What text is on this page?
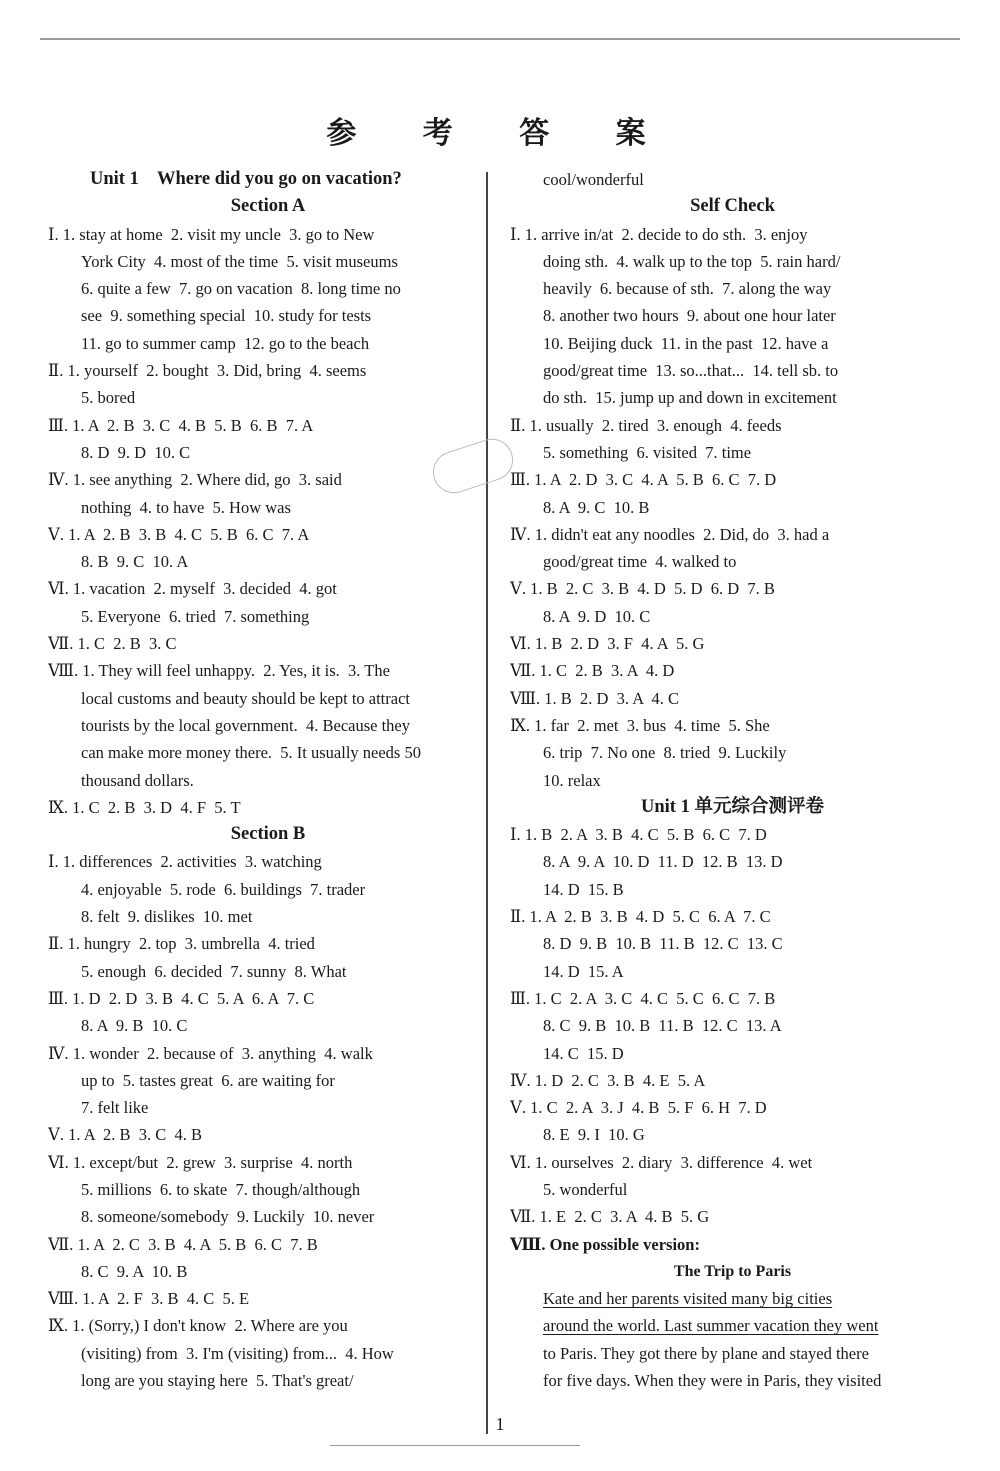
参 考 答 案
Unit 1    Where did you go on vacation?
Section A
Ⅰ. 1. stay at home  2. visit my uncle  3. go to New
York City  4. most of the time  5. visit museums
6. quite a few  7. go on vacation  8. long time no
see  9. something special  10. study for tests
11. go to summer camp  12. go to the beach
Ⅱ. 1. yourself  2. bought  3. Did, bring  4. seems
5. bored
Ⅲ. 1. A  2. B  3. C  4. B  5. B  6. B  7. A
8. D  9. D  10. C
Ⅳ. 1. see anything  2. Where did, go  3. said
nothing  4. to have  5. How was
Ⅴ. 1. A  2. B  3. B  4. C  5. B  6. C  7. A
8. B  9. C  10. A
Ⅵ. 1. vacation  2. myself  3. decided  4. got
5. Everyone  6. tried  7. something
Ⅶ. 1. C  2. B  3. C
Ⅷ. 1. They will feel unhappy.  2. Yes, it is.  3. The
local customs and beauty should be kept to attract
tourists by the local government.  4. Because they
can make more money there.  5. It usually needs 50
thousand dollars.
Ⅸ. 1. C  2. B  3. D  4. F  5. T
Section B
Ⅰ. 1. differences  2. activities  3. watching
4. enjoyable  5. rode  6. buildings  7. trader
8. felt  9. dislikes  10. met
Ⅱ. 1. hungry  2. top  3. umbrella  4. tried
5. enough  6. decided  7. sunny  8. What
Ⅲ. 1. D  2. D  3. B  4. C  5. A  6. A  7. C
8. A  9. B  10. C
Ⅳ. 1. wonder  2. because of  3. anything  4. walk
up to  5. tastes great  6. are waiting for
7. felt like
Ⅴ. 1. A  2. B  3. C  4. B
Ⅵ. 1. except/but  2. grew  3. surprise  4. north
5. millions  6. to skate  7. though/although
8. someone/somebody  9. Luckily  10. never
Ⅶ. 1. A  2. C  3. B  4. A  5. B  6. C  7. B
8. C  9. A  10. B
Ⅷ. 1. A  2. F  3. B  4. C  5. E
Ⅸ. 1. (Sorry,) I don't know  2. Where are you
(visiting) from  3. I'm (visiting) from...  4. How
long are you staying here  5. That's great/
cool/wonderful
Self Check
Ⅰ. 1. arrive in/at  2. decide to do sth.  3. enjoy
doing sth.  4. walk up to the top  5. rain hard/
heavily  6. because of sth.  7. along the way
8. another two hours  9. about one hour later
10. Beijing duck  11. in the past  12. have a
good/great time  13. so...that...  14. tell sb. to
do sth.  15. jump up and down in excitement
Ⅱ. 1. usually  2. tired  3. enough  4. feeds
5. something  6. visited  7. time
Ⅲ. 1. A  2. D  3. C  4. A  5. B  6. C  7. D
8. A  9. C  10. B
Ⅳ. 1. didn't eat any noodles  2. Did, do  3. had a
good/great time  4. walked to
Ⅴ. 1. B  2. C  3. B  4. D  5. D  6. D  7. B
8. A  9. D  10. C
Ⅵ. 1. B  2. D  3. F  4. A  5. G
Ⅶ. 1. C  2. B  3. A  4. D
Ⅷ. 1. B  2. D  3. A  4. C
Ⅸ. 1. far  2. met  3. bus  4. time  5. She
6. trip  7. No one  8. tried  9. Luckily
10. relax
Unit 1 单元综合测评卷
Ⅰ. 1. B  2. A  3. B  4. C  5. B  6. C  7. D
8. A  9. A  10. D  11. D  12. B  13. D
14. D  15. B
Ⅱ. 1. A  2. B  3. B  4. D  5. C  6. A  7. C
8. D  9. B  10. B  11. B  12. C  13. C
14. D  15. A
Ⅲ. 1. C  2. A  3. C  4. C  5. C  6. C  7. B
8. C  9. B  10. B  11. B  12. C  13. A
14. C  15. D
Ⅳ. 1. D  2. C  3. B  4. E  5. A
Ⅴ. 1. C  2. A  3. J  4. B  5. F  6. H  7. D
8. E  9. I  10. G
Ⅵ. 1. ourselves  2. diary  3. difference  4. wet
5. wonderful
Ⅶ. 1. E  2. C  3. A  4. B  5. G
Ⅷ. One possible version:
The Trip to Paris
Kate and her parents visited many big cities
around the world. Last summer vacation they went
to Paris. They got there by plane and stayed there
for five days. When they were in Paris, they visited
1
